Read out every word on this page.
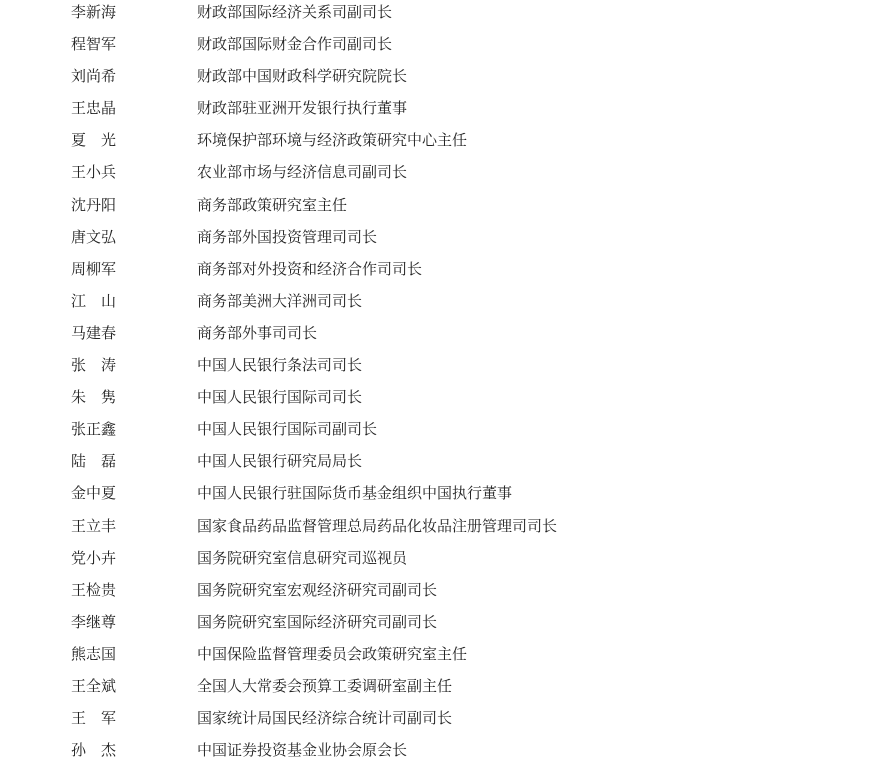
李新海	财政部国际经济关系司副司长
程智军	财政部国际财金合作司副司长
刘尚希	财政部中国财政科学研究院院长
王忠晶	财政部驻亚洲开发银行执行董事
夏　光	环境保护部环境与经济政策研究中心主任
王小兵	农业部市场与经济信息司副司长
沈丹阳	商务部政策研究室主任
唐文弘	商务部外国投资管理司司长
周柳军	商务部对外投资和经济合作司司长
江　山	商务部美洲大洋洲司司长
马建春	商务部外事司司长
张　涛	中国人民银行条法司司长
朱　隽	中国人民银行国际司司长
张正鑫	中国人民银行国际司副司长
陆　磊	中国人民银行研究局局长
金中夏	中国人民银行驻国际货币基金组织中国执行董事
王立丰	国家食品药品监督管理总局药品化妆品注册管理司司长
党小卉	国务院研究室信息研究司巡视员
王检贵	国务院研究室宏观经济研究司副司长
李继尊	国务院研究室国际经济研究司副司长
熊志国	中国保险监督管理委员会政策研究室主任
王全斌	全国人大常委会预算工委调研室副主任
王　军	国家统计局国民经济综合统计司副司长
孙　杰	中国证券投资基金业协会原会长
